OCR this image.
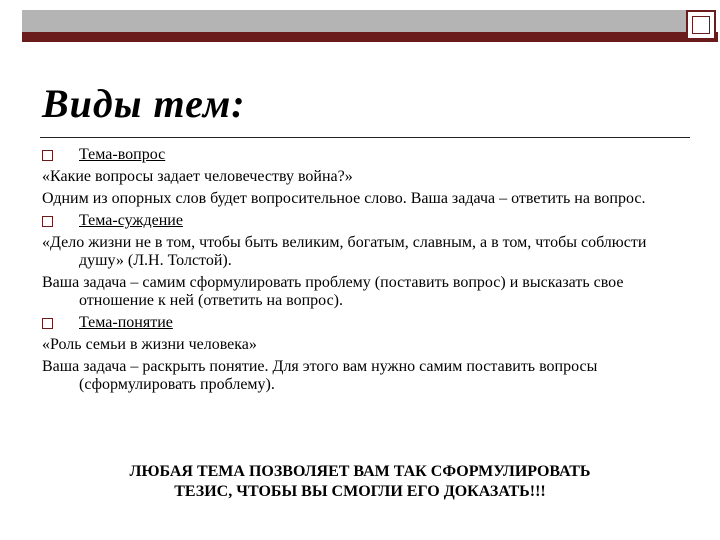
Виды тем:
Тема-вопрос
«Какие вопросы задает человечеству война?»
Одним из опорных слов будет вопросительное слово. Ваша задача – ответить на вопрос.
Тема-суждение
«Дело жизни не в том, чтобы быть великим, богатым, славным, а в том, чтобы соблюсти душу» (Л.Н. Толстой).
Ваша задача – самим сформулировать проблему (поставить вопрос) и высказать свое отношение к ней (ответить на вопрос).
Тема-понятие
«Роль семьи в жизни человека»
Ваша задача – раскрыть понятие. Для этого вам нужно самим поставить вопросы (сформулировать проблему).
ЛЮБАЯ ТЕМА ПОЗВОЛЯЕТ ВАМ ТАК СФОРМУЛИРОВАТЬ
ТЕЗИС, ЧТОБЫ ВЫ СМОГЛИ ЕГО ДОКАЗАТЬ!!!
